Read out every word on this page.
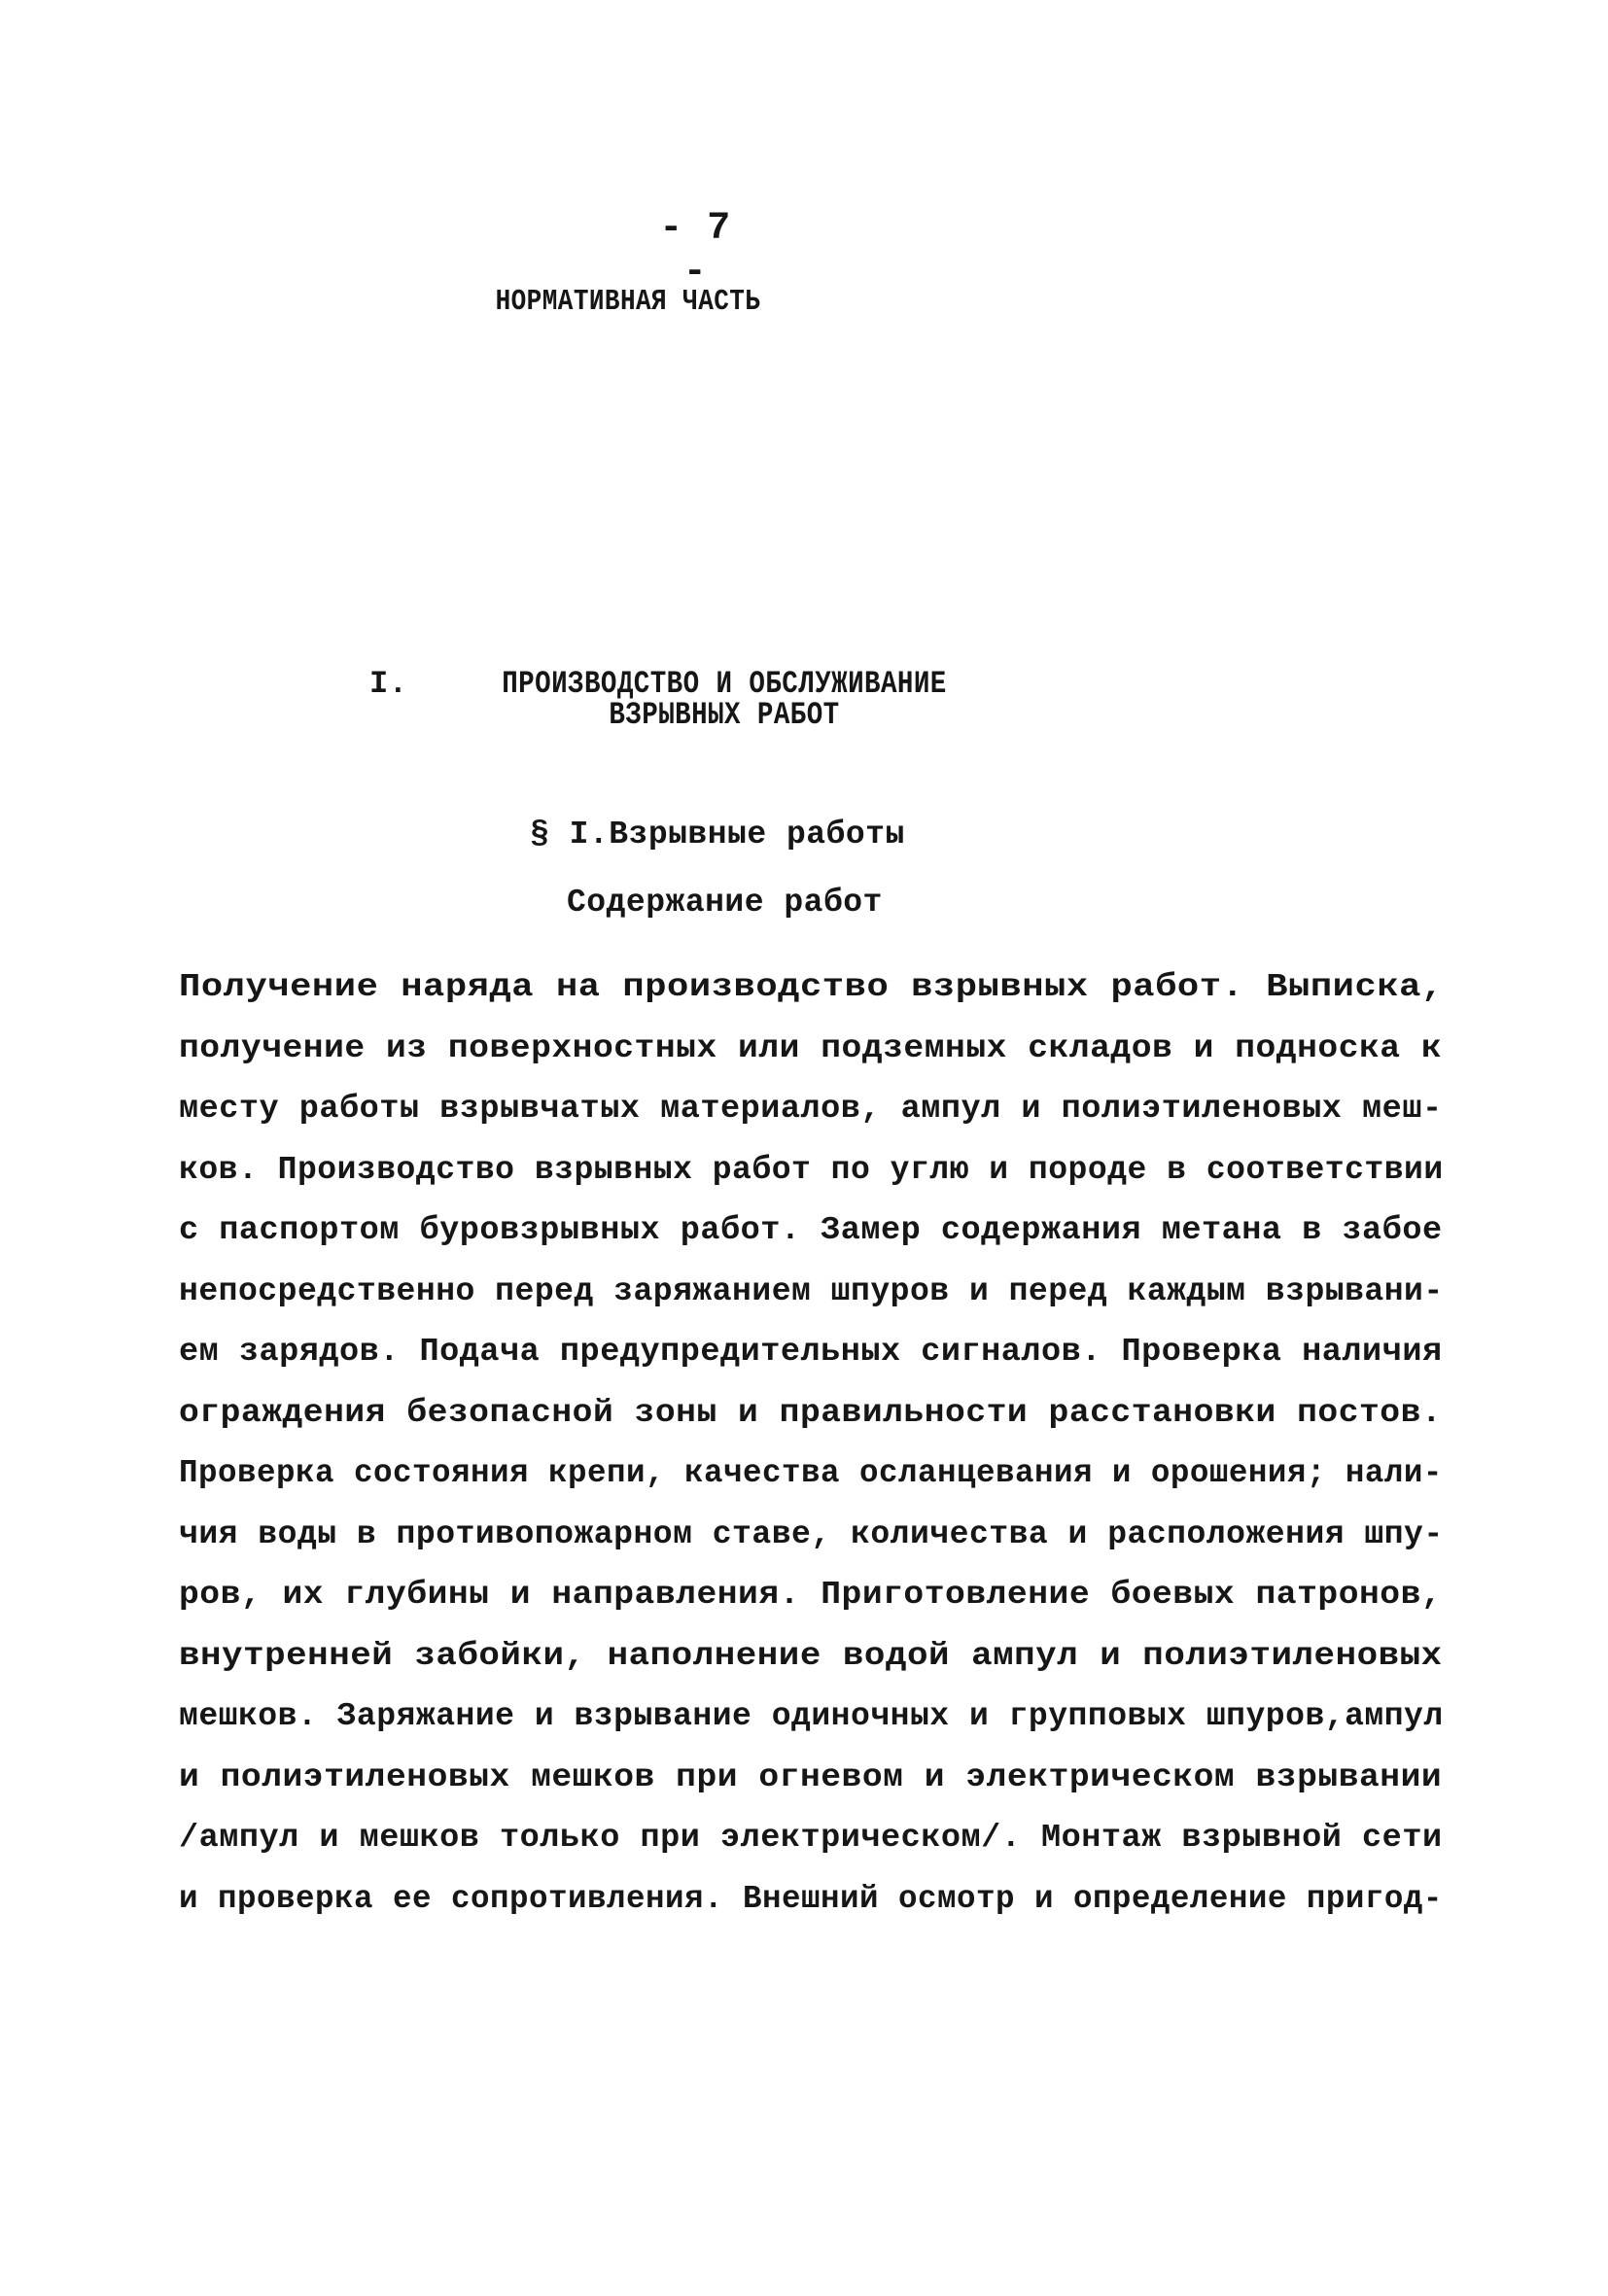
- 7 -
НОРМАТИВНАЯ ЧАСТЬ
I.	ПРОИЗВОДСТВО И ОБСЛУЖИВАНИЕ
ВЗРЫВНЫХ РАБОТ
§ I.Взрывные работы
Содержание работ
Получение наряда на производство взрывных работ. Выписка,
получение из поверхностных или подземных складов и поднoска к
месту работы взрывчатых материалов, ампул и полиэтиленовых меш-
ков. Производство взрывных работ по углю и породе в соответствии
с паспортом буровзрывных работ. Замер содержания метана в забое
непосредственно перед заряжанием шпуров и перед каждым взрывани-
ем зарядов. Подача предупредительных сигналов. Проверка наличия
ограждения безопасной зоны и правильности расстановки постов.
Проверка состояния крепи, качества осланцевания и орошения; нали-
чия воды в противопожарном ставе, количества и расположения шпу-
ров, их глубины и направления. Приготовление боевых патронов,
внутренней забойки, наполнение водой ампул и полиэтиленовых
мешков. Заряжание и взрывание одиночных и групповых шпуров,ампул
и полиэтиленовых мешков при огневом и электрическом взрывании
/ампул и мешков только при электрическом/. Монтаж взрывной сети
и проверка ее сопротивления. Внешний осмотр и определение пригод-
